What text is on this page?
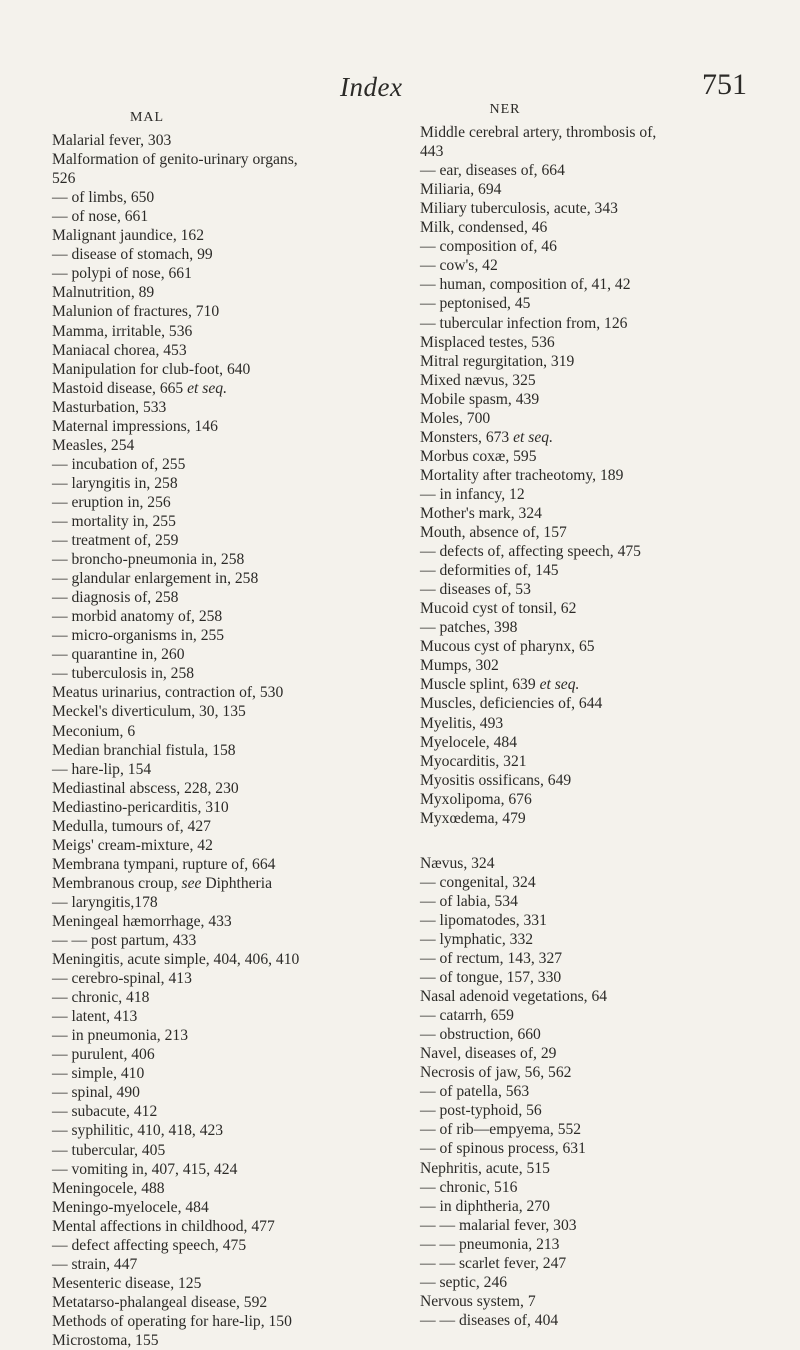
Index	751
MAL
Malarial fever, 303
Malformation of genito-urinary organs,
526
— of limbs, 650
— of nose, 661
Malignant jaundice, 162
— disease of stomach, 99
— polypi of nose, 661
Malnutrition, 89
Malunion of fractures, 710
Mamma, irritable, 536
Maniacal chorea, 453
Manipulation for club-foot, 640
Mastoid disease, 665 et seq.
Masturbation, 533
Maternal impressions, 146
Measles, 254
— incubation of, 255
— laryngitis in, 258
— eruption in, 256
— mortality in, 255
— treatment of, 259
— broncho-pneumonia in, 258
— glandular enlargement in, 258
— diagnosis of, 258
— morbid anatomy of, 258
— micro-organisms in, 255
— quarantine in, 260
— tuberculosis in, 258
Meatus urinarius, contraction of, 530
Meckel's diverticulum, 30, 135
Meconium, 6
Median branchial fistula, 158
— hare-lip, 154
Mediastinal abscess, 228, 230
Mediastino-pericarditis, 310
Medulla, tumours of, 427
Meigs' cream-mixture, 42
Membrana tympani, rupture of, 664
Membranous croup, see Diphtheria
— laryngitis,178
Meningeal hæmorrhage, 433
— — post partum, 433
Meningitis, acute simple, 404, 406, 410
— cerebro-spinal, 413
— chronic, 418
— latent, 413
— in pneumonia, 213
— purulent, 406
— simple, 410
— spinal, 490
— subacute, 412
— syphilitic, 410, 418, 423
— tubercular, 405
— vomiting in, 407, 415, 424
Meningocele, 488
Meningo-myelocele, 484
Mental affections in childhood, 477
— defect affecting speech, 475
— strain, 447
Mesenteric disease, 125
Metatarso-phalangeal disease, 592
Methods of operating for hare-lip, 150
Microstoma, 155
NER
Middle cerebral artery, thrombosis of,
443
— ear, diseases of, 664
Miliaria, 694
Miliary tuberculosis, acute, 343
Milk, condensed, 46
— composition of, 46
— cow's, 42
— human, composition of, 41, 42
— peptonised, 45
— tubercular infection from, 126
Misplaced testes, 536
Mitral regurgitation, 319
Mixed nævus, 325
Mobile spasm, 439
Moles, 700
Monsters, 673 et seq.
Morbus coxæ, 595
Mortality after tracheotomy, 189
— in infancy, 12
Mother's mark, 324
Mouth, absence of, 157
— defects of, affecting speech, 475
— deformities of, 145
— diseases of, 53
Mucoid cyst of tonsil, 62
— patches, 398
Mucous cyst of pharynx, 65
Mumps, 302
Muscle splint, 639 et seq.
Muscles, deficiencies of, 644
Myelitis, 493
Myelocele, 484
Myocarditis, 321
Myositis ossificans, 649
Myxolipoma, 676
Myxœdema, 479
Nævus, 324
— congenital, 324
— of labia, 534
— lipomatodes, 331
— lymphatic, 332
— of rectum, 143, 327
— of tongue, 157, 330
Nasal adenoid vegetations, 64
— catarrh, 659
— obstruction, 660
Navel, diseases of, 29
Necrosis of jaw, 56, 562
— of patella, 563
— post-typhoid, 56
— of rib—empyema, 552
— of spinous process, 631
Nephritis, acute, 515
— chronic, 516
— in diphtheria, 270
— — malarial fever, 303
— — pneumonia, 213
— — scarlet fever, 247
— septic, 246
Nervous system, 7
— — diseases of, 404
